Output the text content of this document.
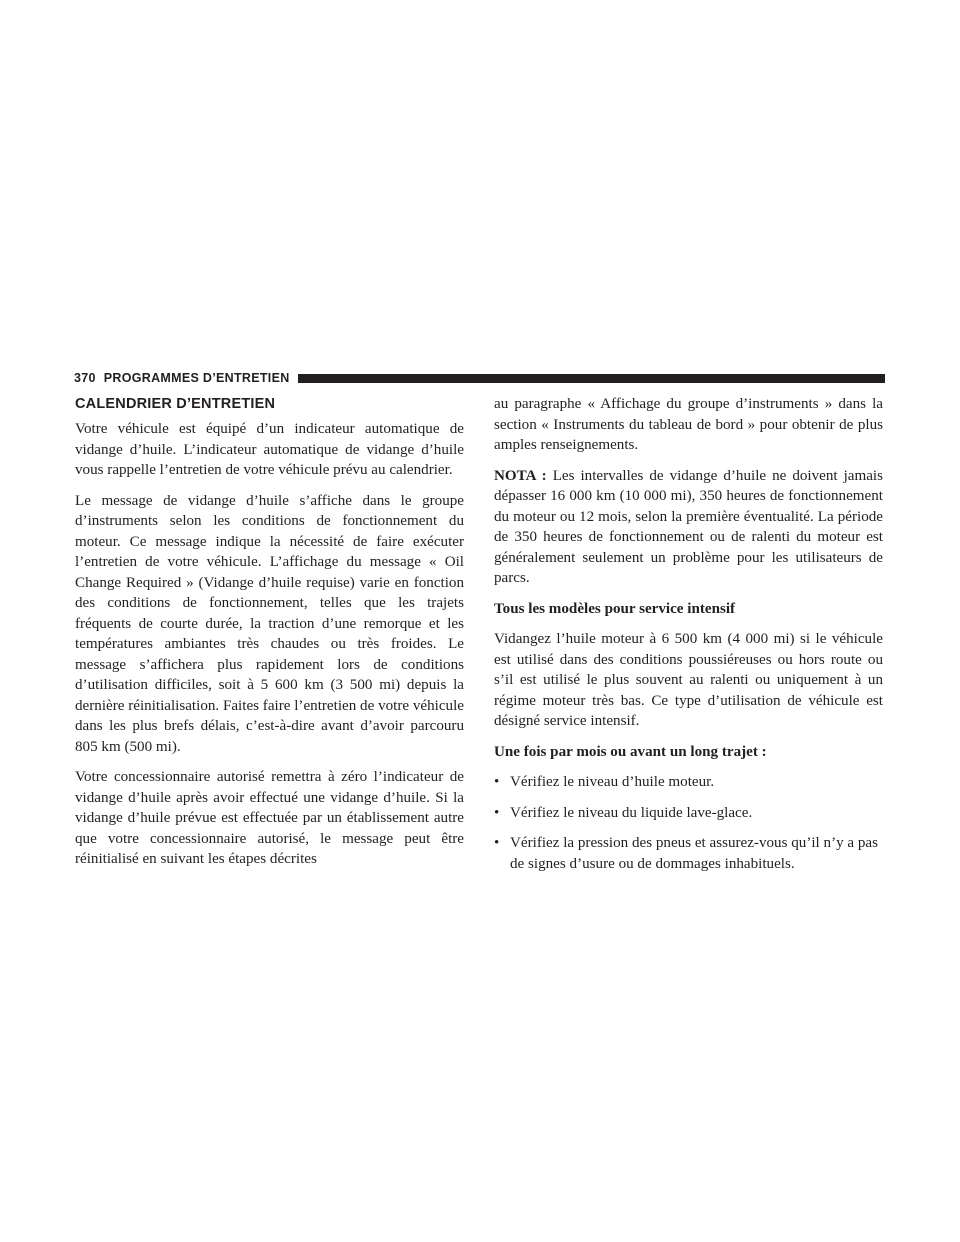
370 PROGRAMMES D’ENTRETIEN
CALENDRIER D’ENTRETIEN

Votre véhicule est équipé d’un indicateur automatique de vidange d’huile. L’indicateur automatique de vidange d’huile vous rappelle l’entretien de votre véhicule prévu au calendrier.

Le message de vidange d’huile s’affiche dans le groupe d’instruments selon les conditions de fonctionnement du moteur. Ce message indique la nécessité de faire exécuter l’entretien de votre véhicule. L’affichage du message « Oil Change Required » (Vidange d’huile requise) varie en fonction des conditions de fonctionnement, telles que les trajets fréquents de courte durée, la traction d’une remorque et les températures ambiantes très chaudes ou très froides. Le message s’affichera plus rapidement lors de conditions d’utilisation difficiles, soit à 5 600 km (3 500 mi) depuis la dernière réinitialisation. Faites faire l’entretien de votre véhicule dans les plus brefs délais, c’est-à-dire avant d’avoir parcouru 805 km (500 mi).

Votre concessionnaire autorisé remettra à zéro l’indicateur de vidange d’huile après avoir effectué une vidange d’huile. Si la vidange d’huile prévue est effectuée par un établissement autre que votre concessionnaire autorisé, le message peut être réinitialisé en suivant les étapes décrites

au paragraphe « Affichage du groupe d’instruments » dans la section « Instruments du tableau de bord » pour obtenir de plus amples renseignements.

NOTA : Les intervalles de vidange d’huile ne doivent jamais dépasser 16 000 km (10 000 mi), 350 heures de fonctionnement du moteur ou 12 mois, selon la première éventualité. La période de 350 heures de fonctionnement ou de ralenti du moteur est généralement seulement un problème pour les utilisateurs de parcs.

Tous les modèles pour service intensif

Vidangez l’huile moteur à 6 500 km (4 000 mi) si le véhicule est utilisé dans des conditions poussiéreuses ou hors route ou s’il est utilisé le plus souvent au ralenti ou uniquement à un régime moteur très bas. Ce type d’utilisation de véhicule est désigné service intensif.

Une fois par mois ou avant un long trajet :

• Vérifiez le niveau d’huile moteur.
• Vérifiez le niveau du liquide lave-glace.
• Vérifiez la pression des pneus et assurez-vous qu’il n’y a pas de signes d’usure ou de dommages inhabituels.
